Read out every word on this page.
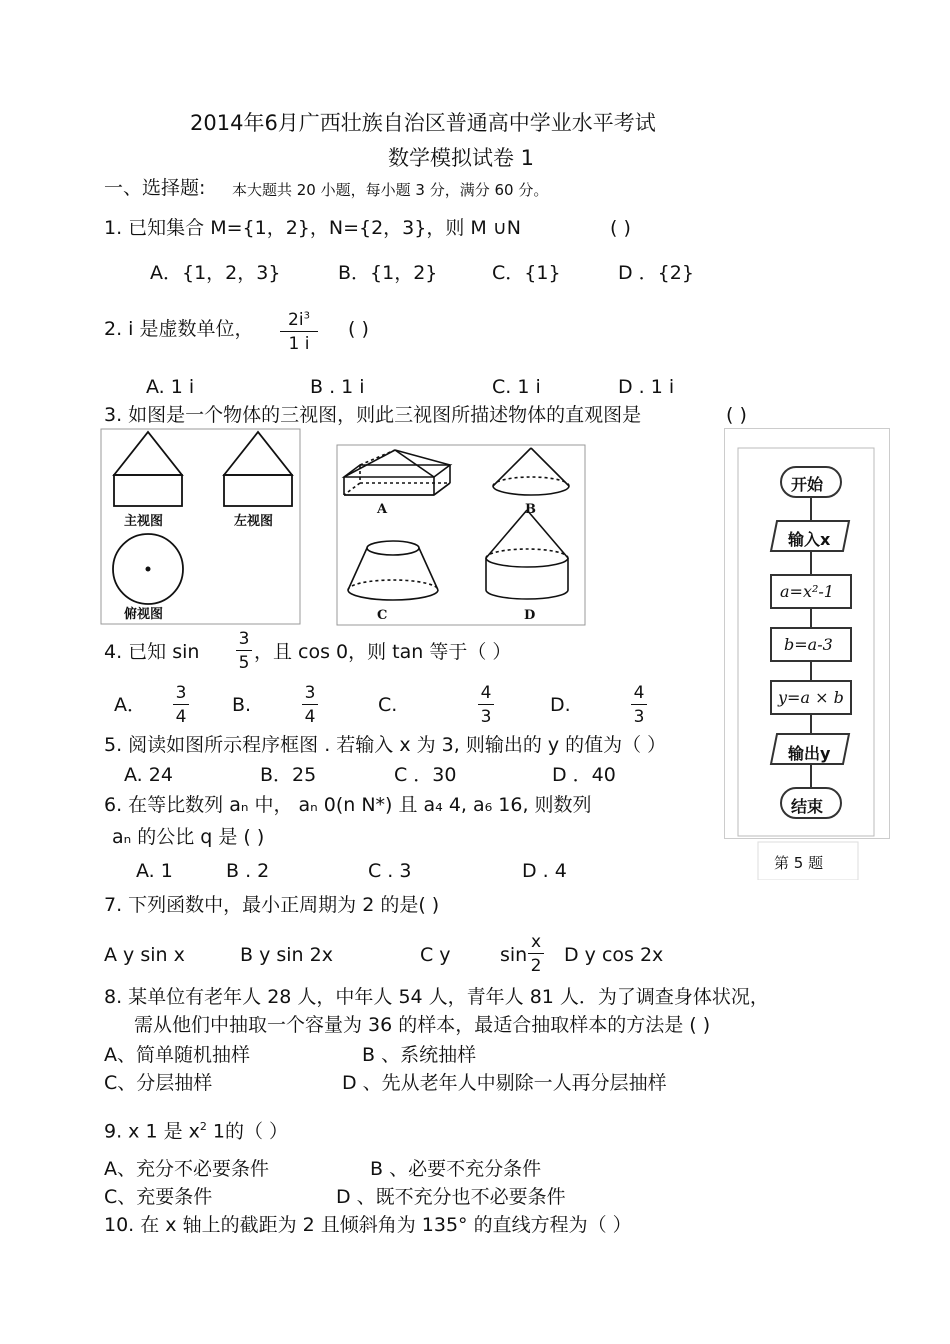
2014年6月广西壮族自治区普通高中学业水平考试
数学模拟试卷 1
一、选择题: 本大题共 20 小题，每小题 3 分，满分 60 分。
1. 已知集合 M={1，2}，N={2，3}，则 M ∪N	( )
A．{1，2，3}	B．{1，2}	C．{1}	D ．{2}
2. i 是虚数单位，	$2i^3$
1 i
( )
A. 1 i	B . 1 i	C. 1 i	D . 1 i
3. 如图是一个物体的三视图，则此三视图所描述物体的直观图是	( )
主视图	左视图
俯视图
A	B
C	D
开始
输入x
a=x²-1
b=a-3
y=a × b
输出y
结束
第 5 题
4. 已知 sin
3
5 ，且 cos 0，则 tan 等于（ ）
A．
3
4
B.
3
4
C.
4
3
D.
4
3
5. 阅读如图所示程序框图 . 若输入 x 为 3, 则输出的 y 的值为（ ）
A. 24	B．25	C ．30	D ．40
6. 在等比数列 aₙ 中， aₙ 0(n N*) 且 a₄ 4, a₆ 16, 则数列
aₙ 的公比 q 是 ( )
A. 1	B . 2	C . 3	D . 4
7. 下列函数中，最小正周期为 2 的是( )
A y sin x	B y sin 2x	C y	sin
x
2 D y cos 2x
8. 某单位有老年人 28 人，中年人 54 人，青年人 81 人．为了调查身体状况，
需从他们中抽取一个容量为 36 的样本，最适合抽取样本的方法是 ( )
A、简单随机抽样	B 、系统抽样
C、分层抽样	D 、先从老年人中剔除一人再分层抽样
9. x 1 是 $x^2$ 1的（ ）
A、充分不必要条件	B 、必要不充分条件
C、充要条件	D 、既不充分也不必要条件
10. 在 x 轴上的截距为 2 且倾斜角为 135° 的直线方程为（ ）
